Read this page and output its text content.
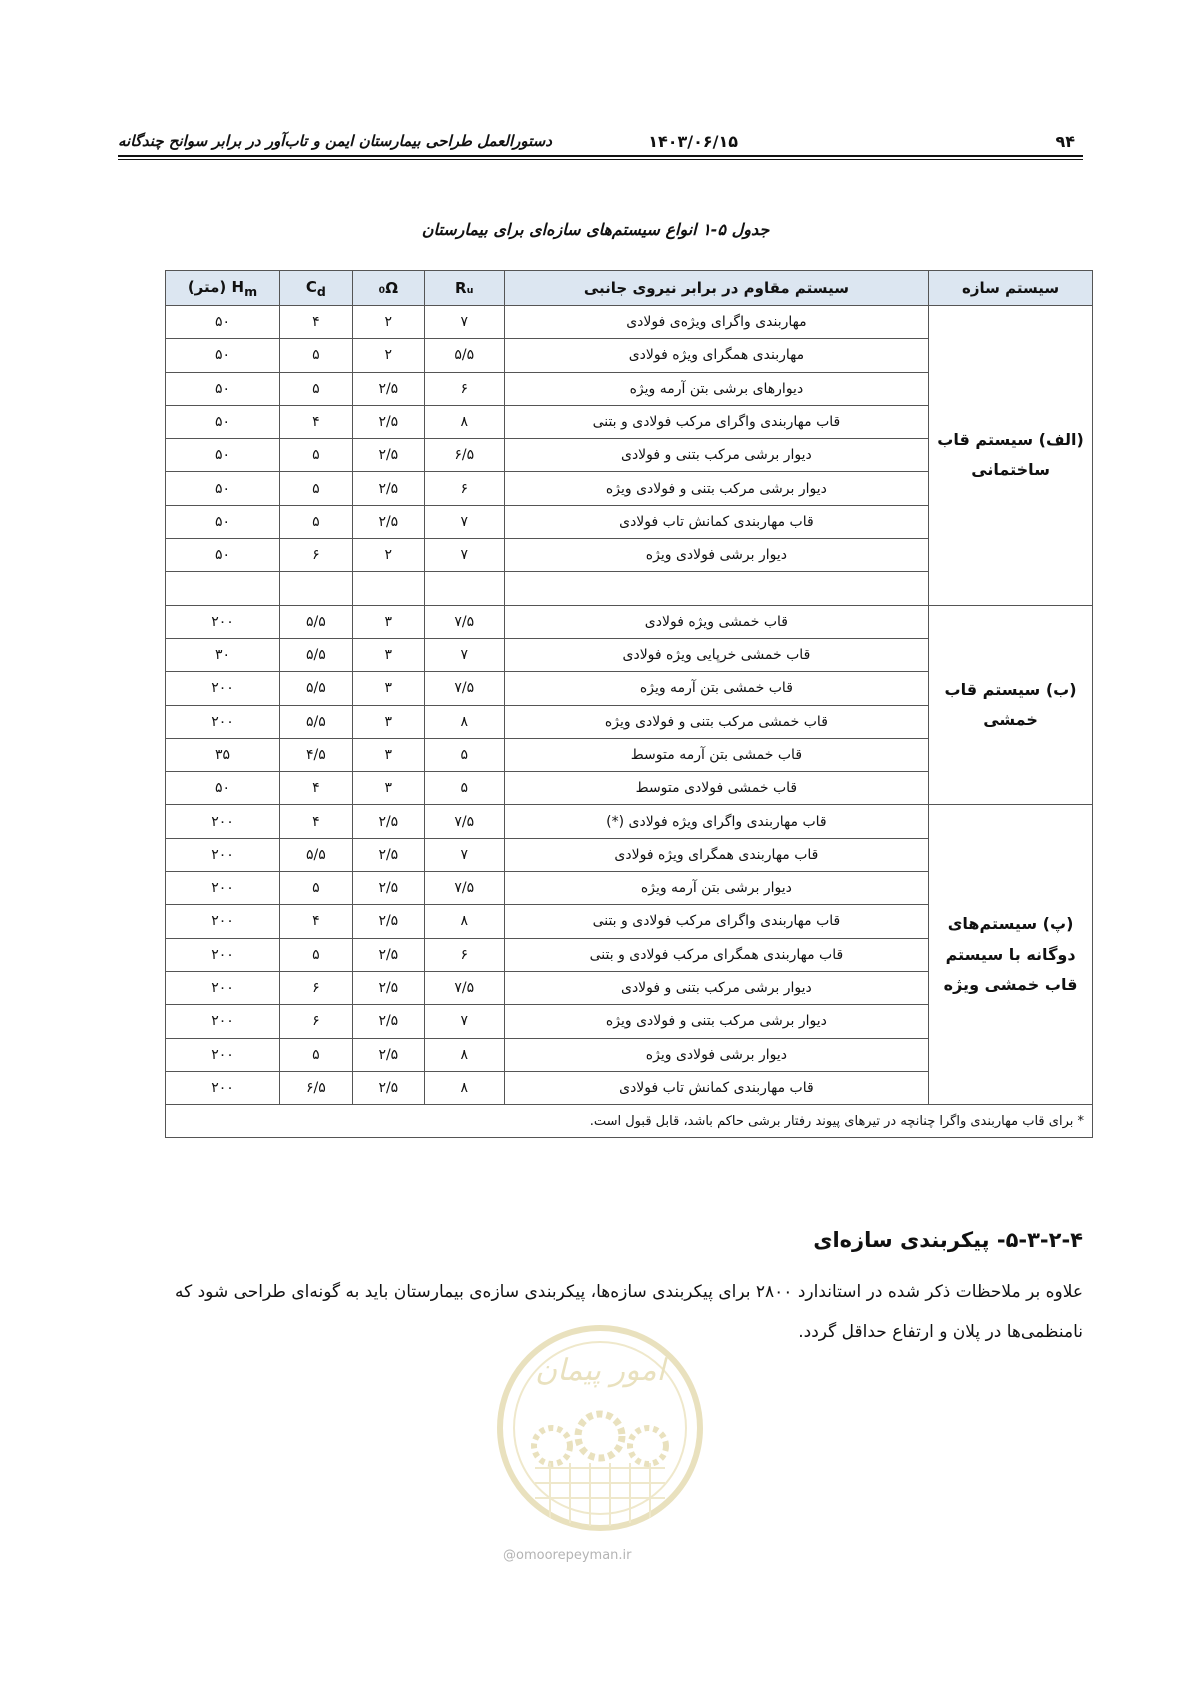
۹۴
۱۴۰۳/۰۶/۱۵
دستورالعمل طراحی بیمارستان ایمن و تاب‌آور در برابر سوانح چندگانه
جدول ۵-۱ انواع سیستم‌های سازه‌ای برای بیمارستان
سیستم سازه	سیستم مقاوم در برابر نیروی جانبی	Rᵤ	₀Ω	$C_d$	$H_m$ (متر)
(الف) سیستم قاب ساختمانی	مهاربندی واگرای ویژه‌ی فولادی	۷	۲	۴	۵۰
	مهاربندی همگرای ویژه فولادی	۵/۵	۲	۵	۵۰
	دیوارهای برشی بتن آرمه ویژه	۶	۲/۵	۵	۵۰
	قاب مهاربندی واگرای مرکب فولادی و بتنی	۸	۲/۵	۴	۵۰
	دیوار برشی مرکب بتنی و فولادی	۶/۵	۲/۵	۵	۵۰
	دیوار برشی مرکب بتنی و فولادی ویژه	۶	۲/۵	۵	۵۰
	قاب مهاربندی کمانش تاب فولادی	۷	۲/۵	۵	۵۰
	دیوار برشی فولادی ویژه	۷	۲	۶	۵۰

(ب) سیستم قاب خمشی	قاب خمشی ویژه فولادی	۷/۵	۳	۵/۵	۲۰۰
	قاب خمشی خرپایی ویژه فولادی	۷	۳	۵/۵	۳۰
	قاب خمشی بتن آرمه ویژه	۷/۵	۳	۵/۵	۲۰۰
	قاب خمشی مرکب بتنی و فولادی ویژه	۸	۳	۵/۵	۲۰۰
	قاب خمشی بتن آرمه متوسط	۵	۳	۴/۵	۳۵
	قاب خمشی فولادی متوسط	۵	۳	۴	۵۰
(پ) سیستم‌های دوگانه با سیستم قاب خمشی ویژه	قاب مهاربندی واگرای ویژه فولادی (*)	۷/۵	۲/۵	۴	۲۰۰
	قاب مهاربندی همگرای ویژه فولادی	۷	۲/۵	۵/۵	۲۰۰
	دیوار برشی بتن آرمه ویژه	۷/۵	۲/۵	۵	۲۰۰
	قاب مهاربندی واگرای مرکب فولادی و بتنی	۸	۲/۵	۴	۲۰۰
	قاب مهاربندی همگرای مرکب فولادی و بتنی	۶	۲/۵	۵	۲۰۰
	دیوار برشی مرکب بتنی و فولادی	۷/۵	۲/۵	۶	۲۰۰
	دیوار برشی مرکب بتنی و فولادی ویژه	۷	۲/۵	۶	۲۰۰
	دیوار برشی فولادی ویژه	۸	۲/۵	۵	۲۰۰
	قاب مهاربندی کمانش تاب فولادی	۸	۲/۵	۶/۵	۲۰۰
* برای قاب مهاربندی واگرا چنانچه در تیرهای پیوند رفتار برشی حاکم باشد، قابل قبول است.					
۵-۳-۲-۴- پیکربندی سازه‌ای
علاوه بر ملاحظات ذکر شده در استاندارد ۲۸۰۰ برای پیکربندی سازه‌ها، پیکربندی سازه‌ی بیمارستان باید به گونه‌ای طراحی شود که نامنظمی‌ها در پلان و ارتفاع حداقل گردد.
امور پیمان
@omoorepeyman.ir
